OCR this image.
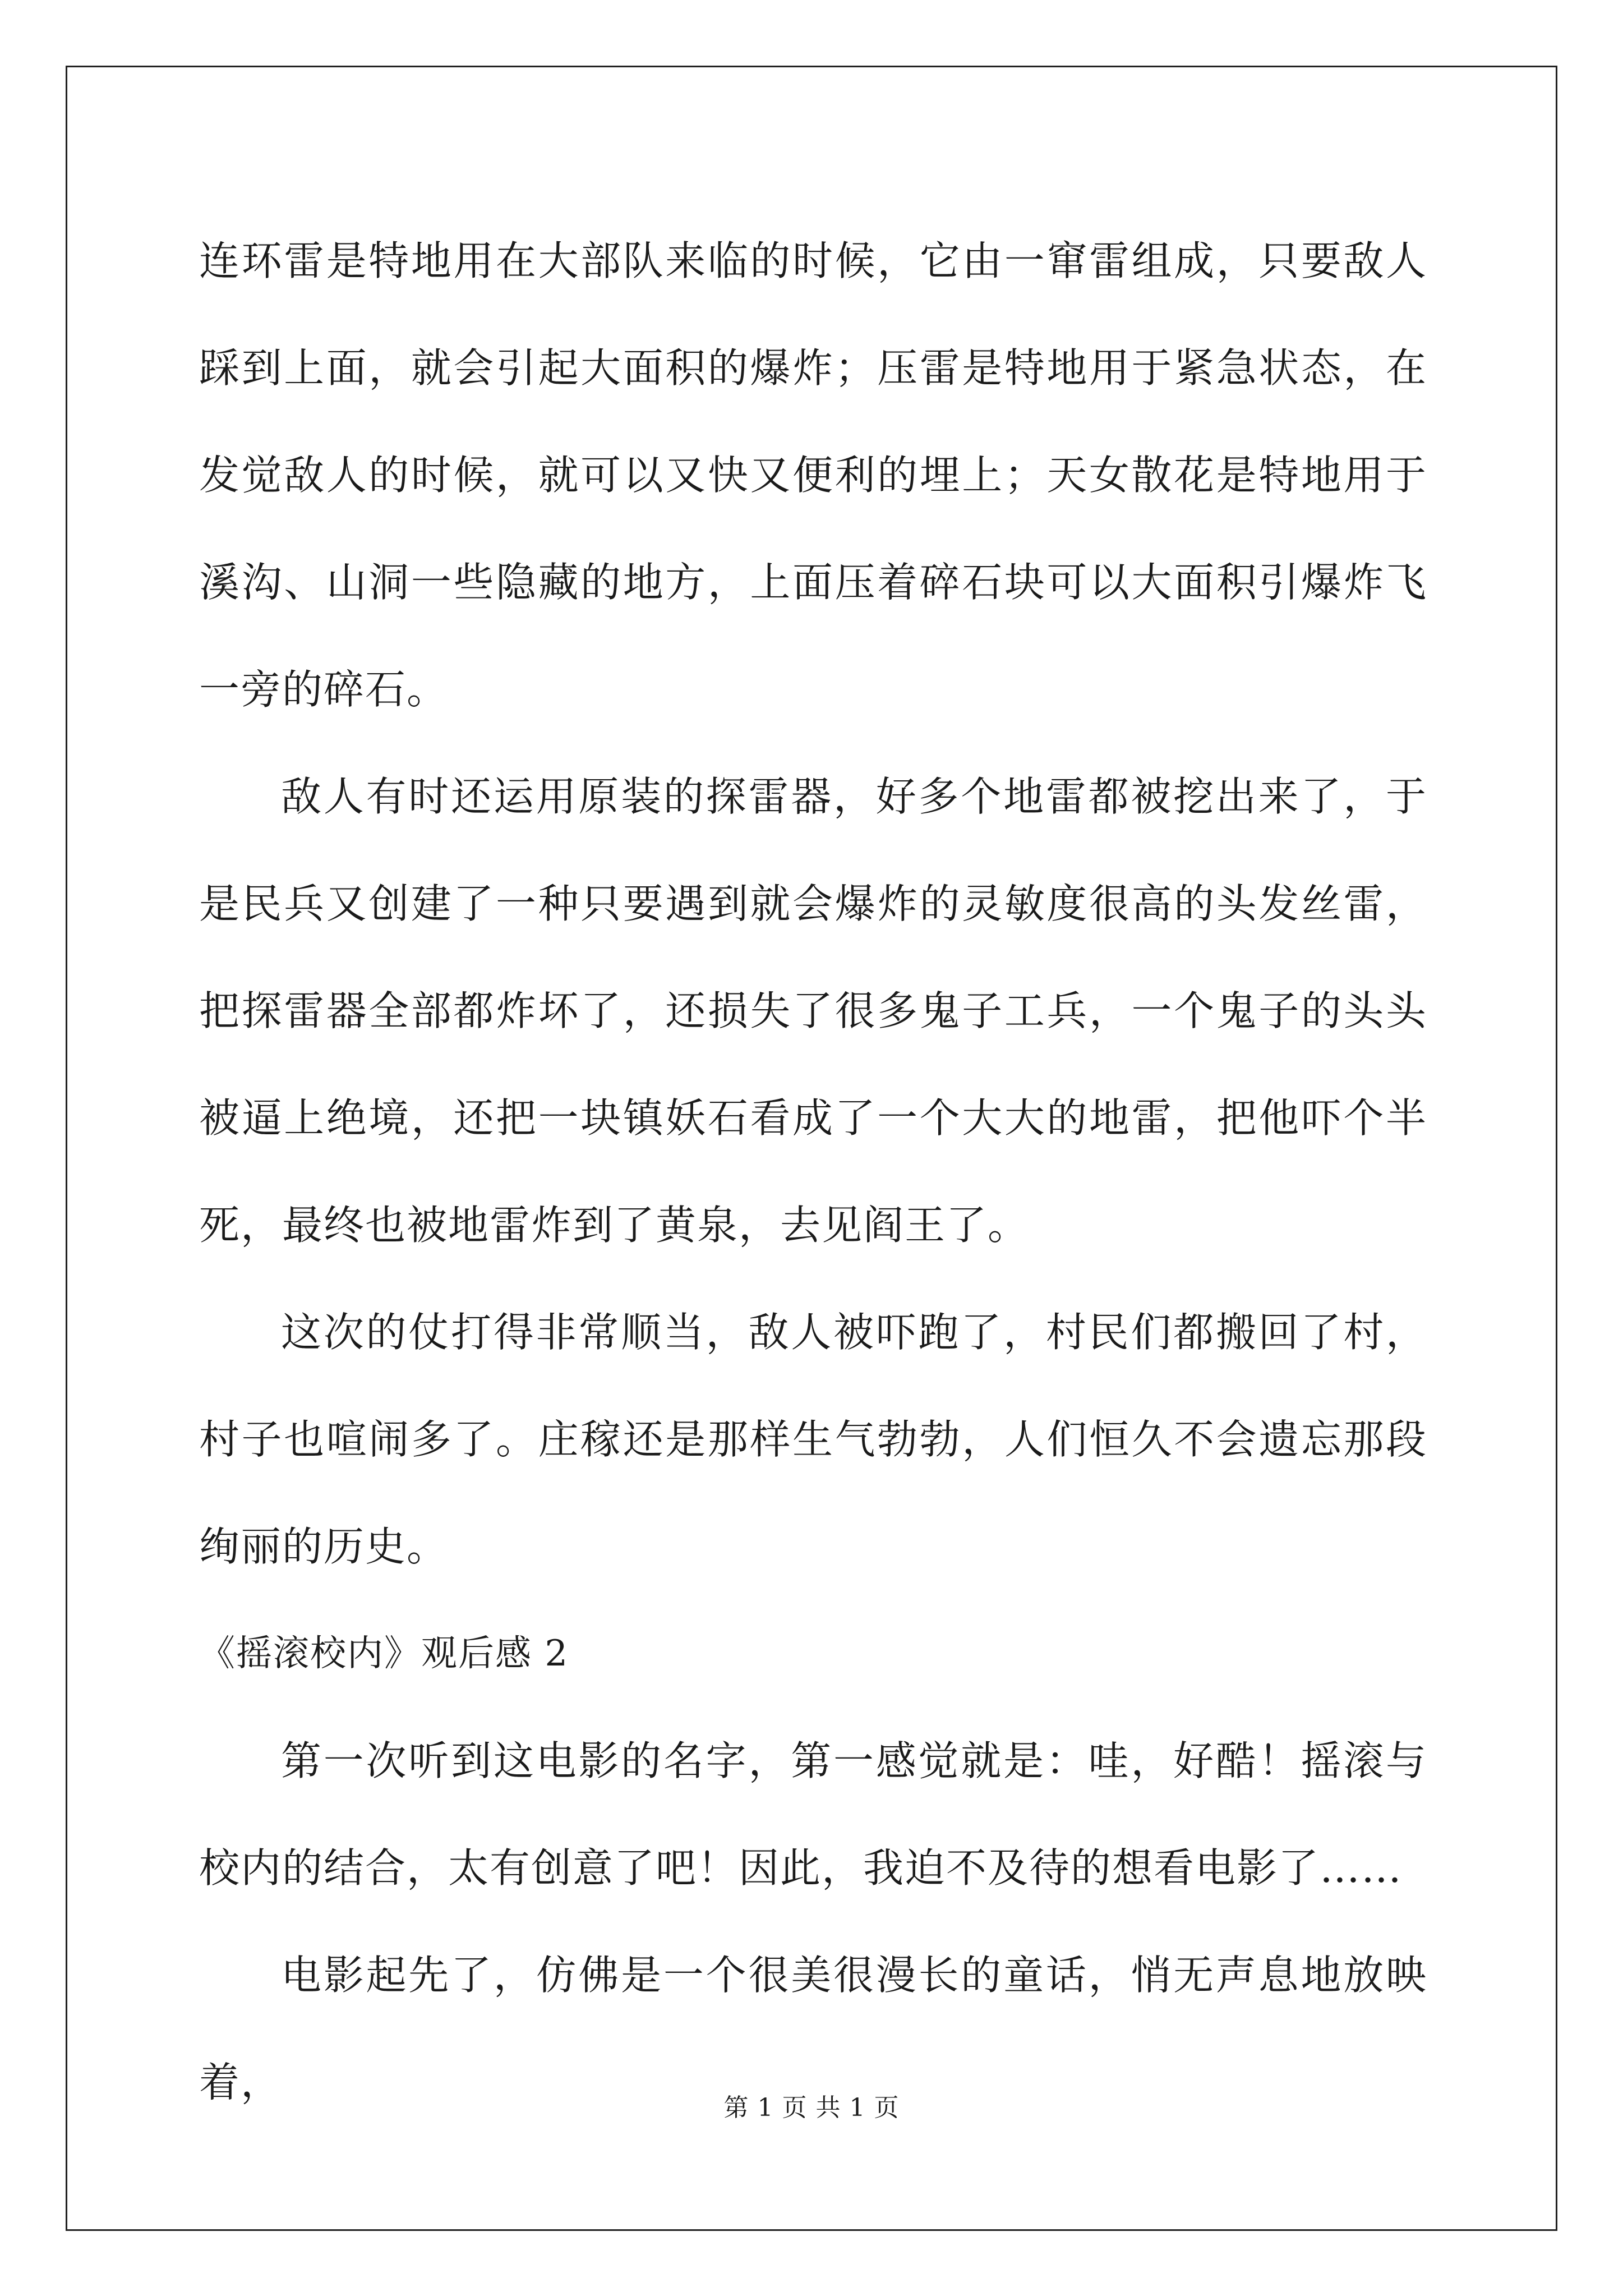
连环雷是特地用在大部队来临的时候，它由一窜雷组成，只要敌人踩到上面，就会引起大面积的爆炸；压雷是特地用于紧急状态，在发觉敌人的时候，就可以又快又便利的埋上；天女散花是特地用于溪沟、山洞一些隐藏的地方，上面压着碎石块可以大面积引爆炸飞一旁的碎石。

敌人有时还运用原装的探雷器，好多个地雷都被挖出来了，于是民兵又创建了一种只要遇到就会爆炸的灵敏度很高的头发丝雷，把探雷器全部都炸坏了，还损失了很多鬼子工兵，一个鬼子的头头被逼上绝境，还把一块镇妖石看成了一个大大的地雷，把他吓个半死，最终也被地雷炸到了黄泉，去见阎王了。

这次的仗打得非常顺当，敌人被吓跑了，村民们都搬回了村，村子也喧闹多了。庄稼还是那样生气勃勃，人们恒久不会遗忘那段绚丽的历史。

《摇滚校内》观后感 2

第一次听到这电影的名字，第一感觉就是：哇，好酷！摇滚与校内的结合，太有创意了吧！因此，我迫不及待的想看电影了……

电影起先了，仿佛是一个很美很漫长的童话，悄无声息地放映着，

第 1 页 共 1 页
